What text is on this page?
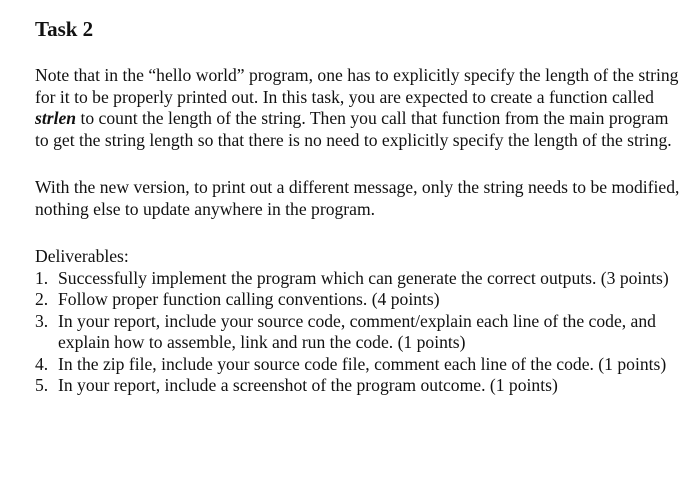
Task 2

Note that in the “hello world” program, one has to explicitly specify the length of the string for it to be properly printed out. In this task, you are expected to create a function called strlen to count the length of the string. Then you call that function from the main program to get the string length so that there is no need to explicitly specify the length of the string.

With the new version, to print out a different message, only the string needs to be modified, nothing else to update anywhere in the program.

Deliverables:

1. Successfully implement the program which can generate the correct outputs. (3 points)
2. Follow proper function calling conventions. (4 points)
3. In your report, include your source code, comment/explain each line of the code, and explain how to assemble, link and run the code. (1 points)
4. In the zip file, include your source code file, comment each line of the code. (1 points)
5. In your report, include a screenshot of the program outcome. (1 points)
